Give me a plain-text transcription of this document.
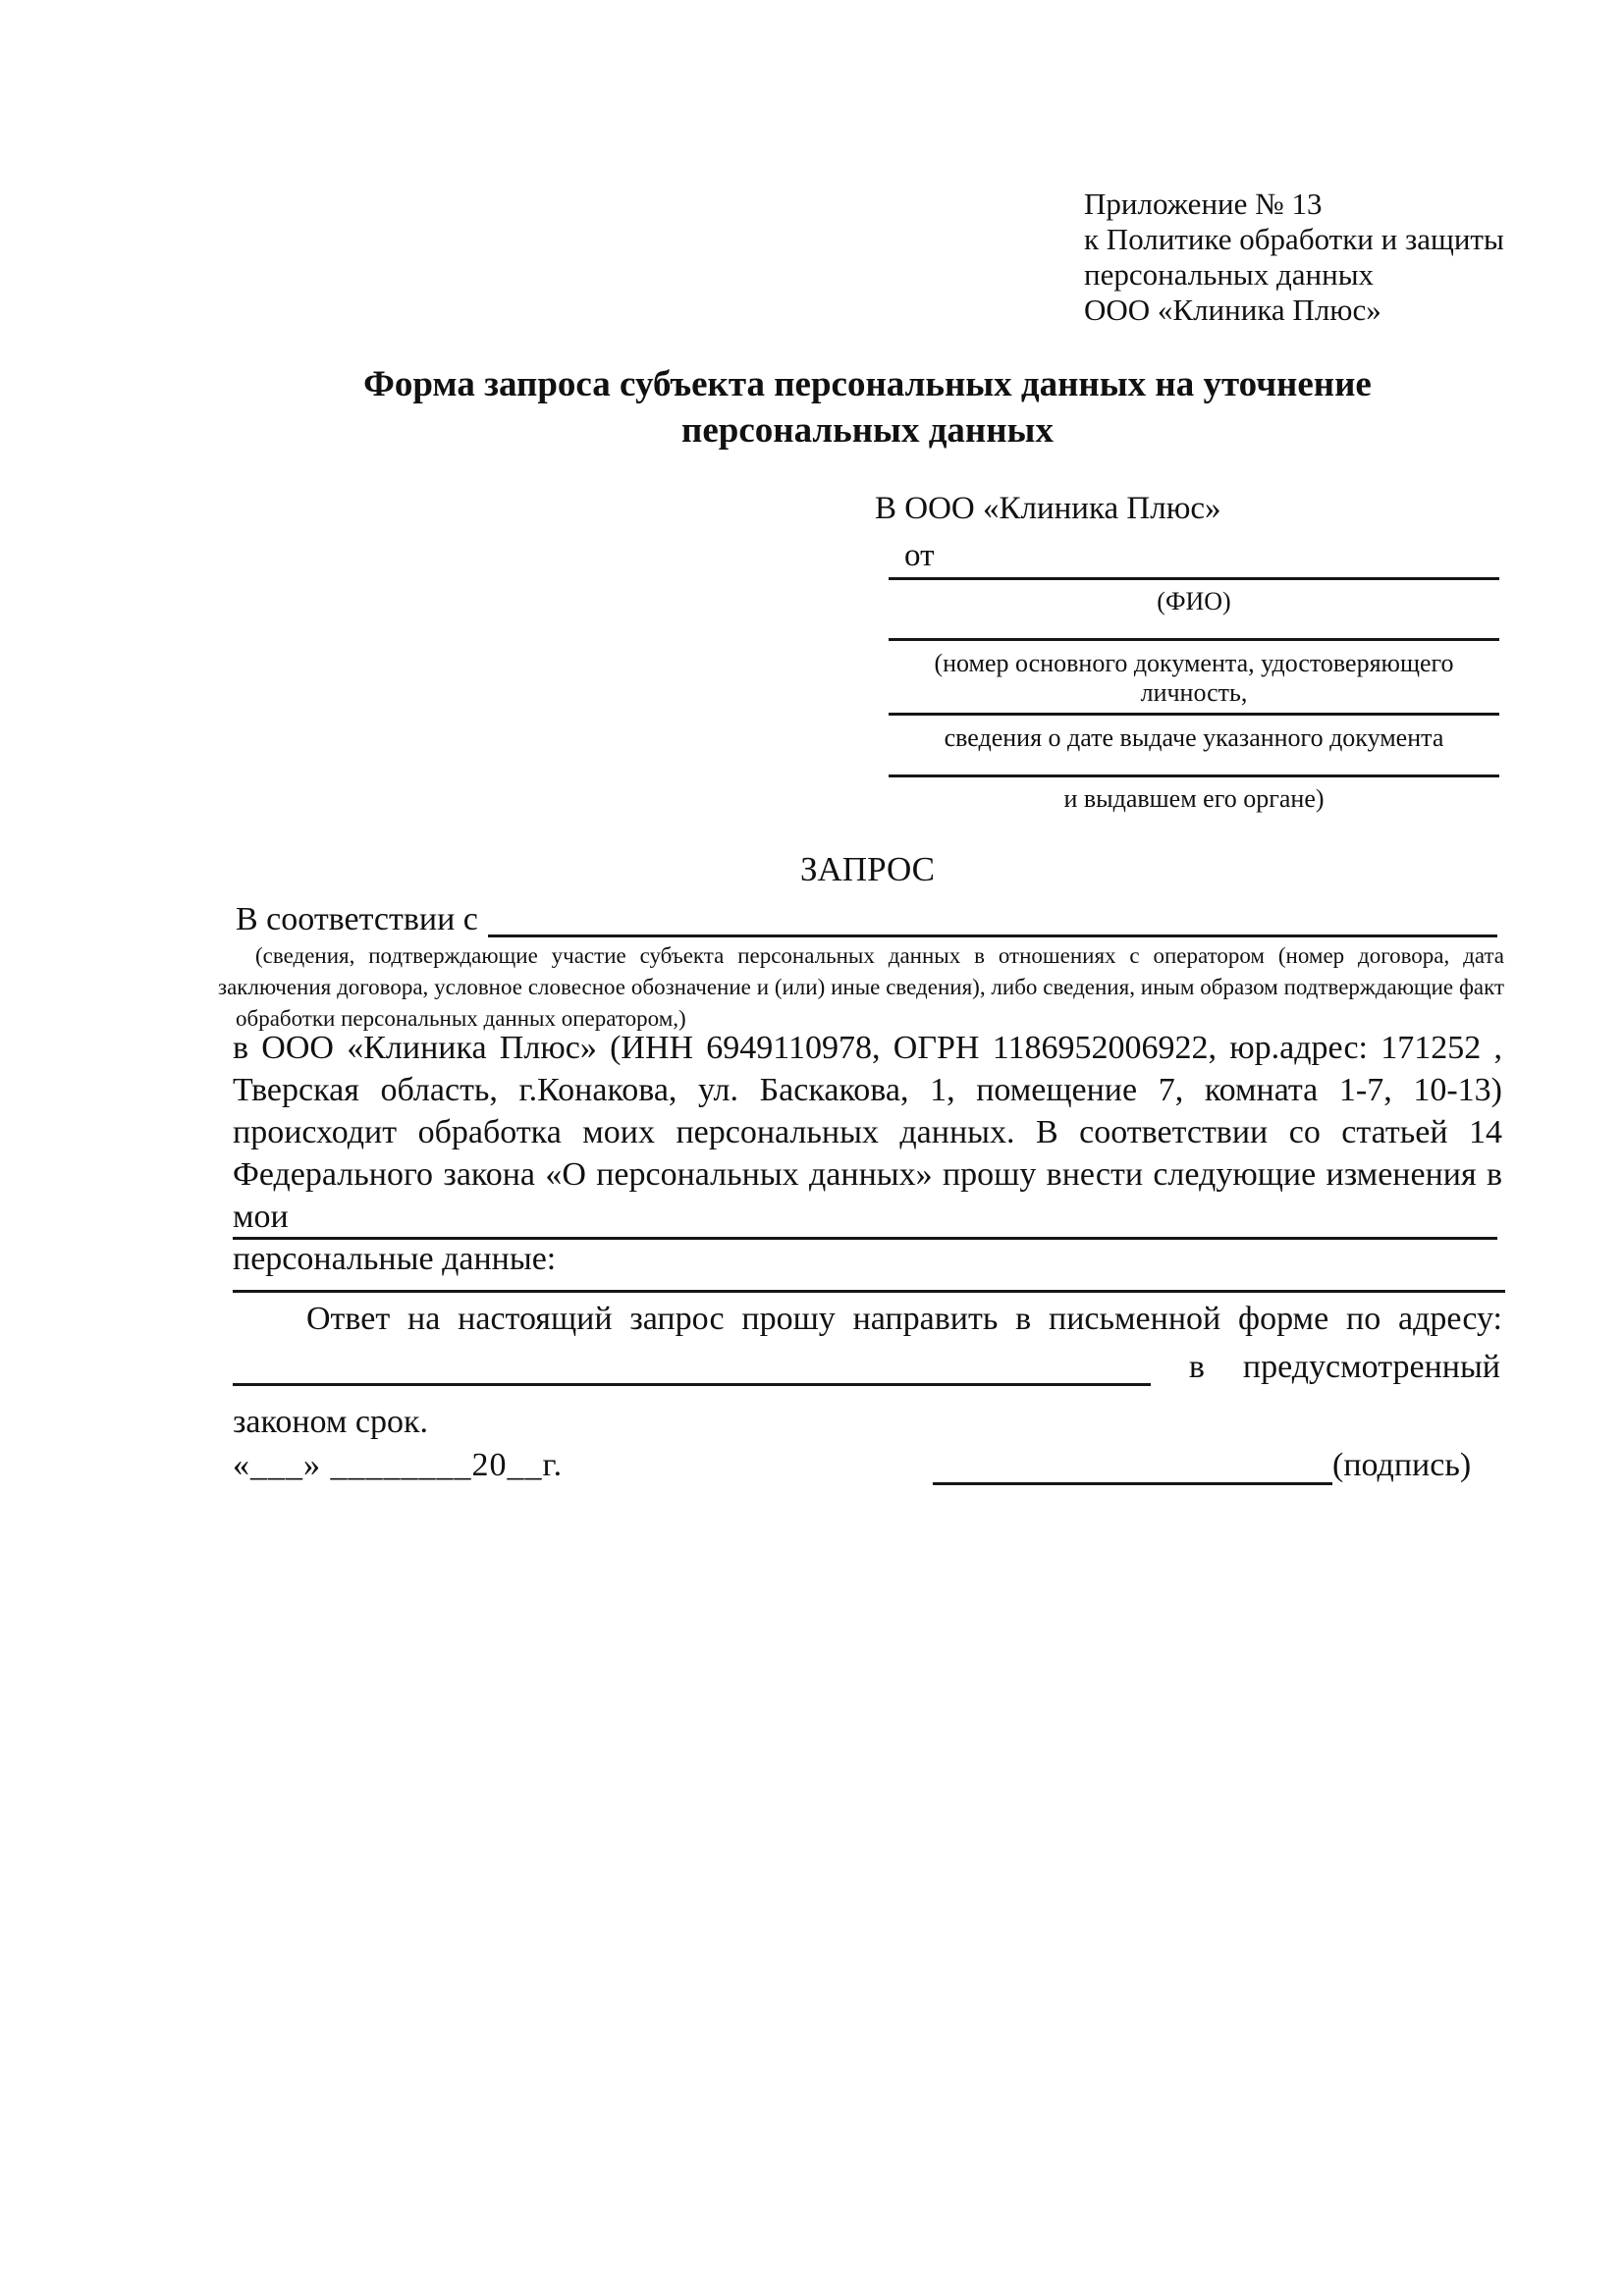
Приложение № 13
к Политике обработки и защиты
персональных данных
ООО «Клиника Плюс»
Форма запроса субъекта персональных данных на уточнение
персональных данных
В ООО «Клиника Плюс»
от
(ФИО)
(номер основного документа, удостоверяющего личность,
сведения о дате выдаче указанного документа
и выдавшем его органе)
ЗАПРОС
В соответствии с
(сведения, подтверждающие участие субъекта персональных данных в отношениях с оператором (номер договора, дата
заключения договора, условное словесное обозначение и (или) иные сведения), либо сведения, иным образом подтверждающие факт
обработки персональных данных оператором,)
в ООО «Клиника Плюс» (ИНН 6949110978, ОГРН 1186952006922, юр.адрес: 171252 ,
Тверская область, г.Конакова, ул. Баскакова, 1, помещение 7, комната 1-7, 10-13)
происходит обработка моих персональных данных. В соответствии со статьей 14
Федерального закона «О персональных данных» прошу внести следующие изменения в мои
персональные данные:
Ответ на настоящий запрос прошу направить в письменной форме по адресу:
в предусмотренный
законом срок.
«___» ________20__г.	(подпись)
